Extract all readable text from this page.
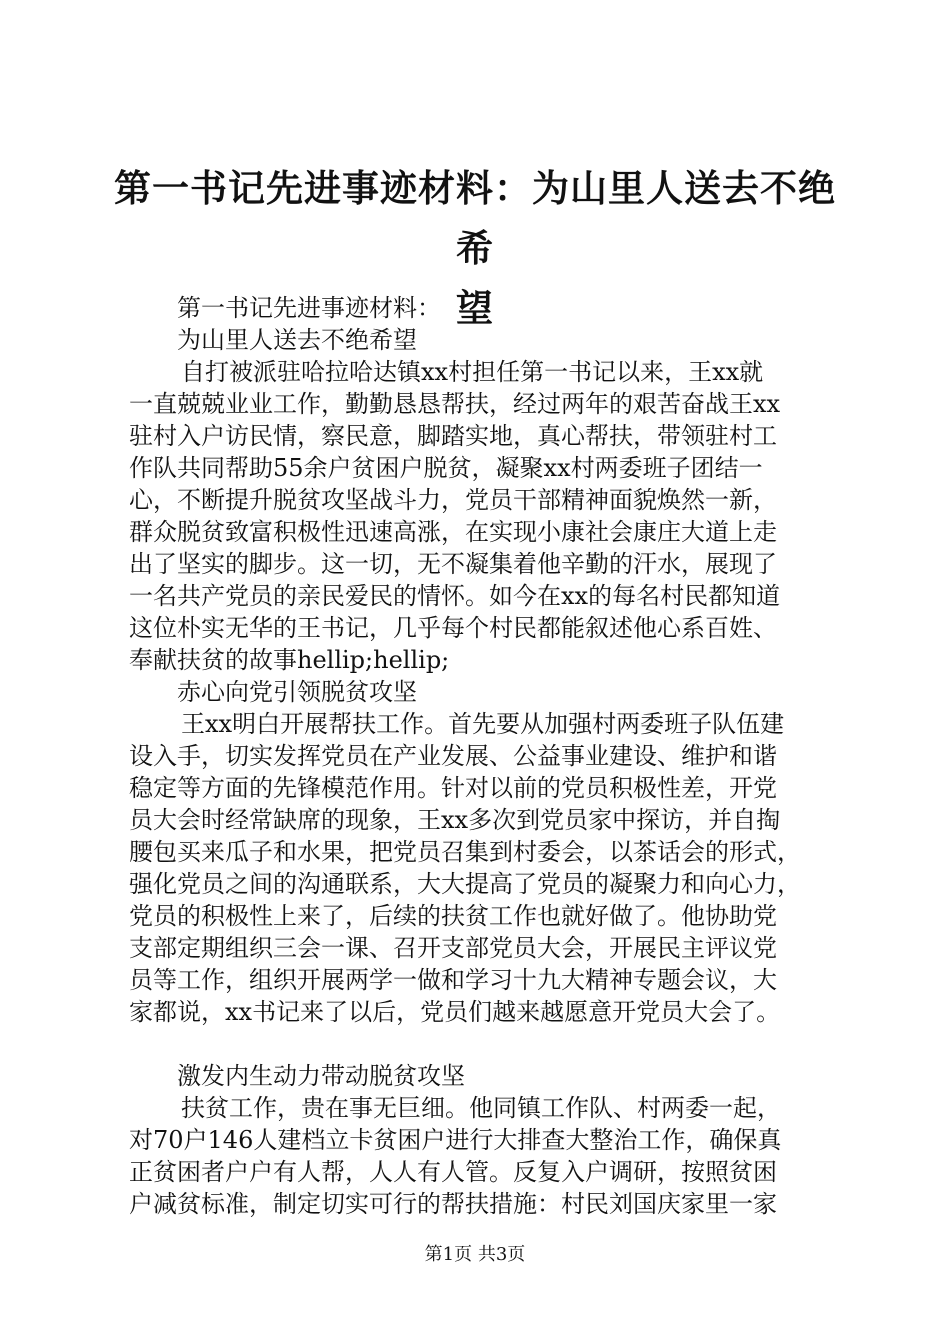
第一书记先进事迹材料：为山里人送去不绝希
望
第一书记先进事迹材料：
为山里人送去不绝希望
自打被派驻哈拉哈达镇xx村担任第一书记以来，王xx就
一直兢兢业业工作，勤勤恳恳帮扶，经过两年的艰苦奋战王xx
驻村入户访民情，察民意，脚踏实地，真心帮扶，带领驻村工
作队共同帮助55余户贫困户脱贫，凝聚xx村两委班子团结一
心，不断提升脱贫攻坚战斗力，党员干部精神面貌焕然一新，
群众脱贫致富积极性迅速高涨，在实现小康社会康庄大道上走
出了坚实的脚步。这一切，无不凝集着他辛勤的汗水，展现了
一名共产党员的亲民爱民的情怀。如今在xx的每名村民都知道
这位朴实无华的王书记，几乎每个村民都能叙述他心系百姓、
奉献扶贫的故事hellip;hellip;
赤心向党引领脱贫攻坚
王xx明白开展帮扶工作。首先要从加强村两委班子队伍建
设入手，切实发挥党员在产业发展、公益事业建设、维护和谐
稳定等方面的先锋模范作用。针对以前的党员积极性差，开党
员大会时经常缺席的现象，王xx多次到党员家中探访，并自掏
腰包买来瓜子和水果，把党员召集到村委会，以茶话会的形式，
强化党员之间的沟通联系，大大提高了党员的凝聚力和向心力，
党员的积极性上来了，后续的扶贫工作也就好做了。他协助党
支部定期组织三会一课、召开支部党员大会，开展民主评议党
员等工作，组织开展两学一做和学习十九大精神专题会议，大
家都说，xx书记来了以后，党员们越来越愿意开党员大会了。
激发内生动力带动脱贫攻坚
扶贫工作，贵在事无巨细。他同镇工作队、村两委一起，
对70户146人建档立卡贫困户进行大排查大整治工作，确保真
正贫困者户户有人帮，人人有人管。反复入户调研，按照贫困
户减贫标准，制定切实可行的帮扶措施：村民刘国庆家里一家
第1页 共3页
